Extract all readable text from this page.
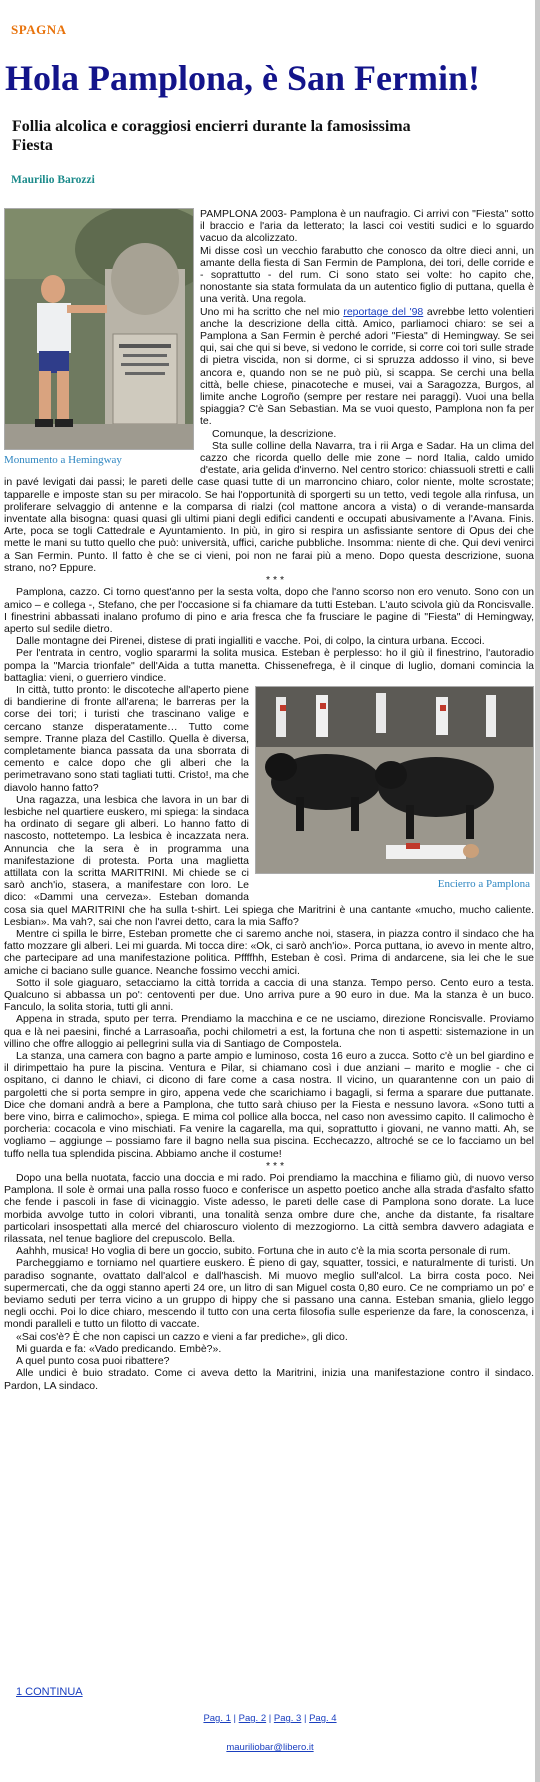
SPAGNA
Hola Pamplona, è San Fermin!
Follia alcolica e coraggiosi encierri durante la famosissima Fiesta
Maurilio Barozzi
Monumento a Hemingway

PAMPLONA 2003- Pamplona è un naufragio. Ci arrivi con "Fiesta" sotto il braccio e l'aria da letterato; la lasci coi vestiti sudici e lo sguardo vacuo da alcolizzato.

Mi disse così un vecchio farabutto che conosco da oltre dieci anni, un amante della fiesta di San Fermin de Pamplona, dei tori, delle corride e - soprattutto - del rum. Ci sono stato sei volte: ho capito che, nonostante sia stata formulata da un autentico figlio di puttana, quella è una verità. Una regola.

Uno mi ha scritto che nel mio reportage del '98 avrebbe letto volentieri anche la descrizione della città. Amico, parliamoci chiaro: se sei a Pamplona a San Fermin è perché adori "Fiesta" di Hemingway. Se sei qui, sai che qui si beve, si vedono le corride, si corre coi tori sulle strade di pietra viscida, non si dorme, ci si spruzza addosso il vino, si beve ancora e, quando non se ne può più, si scappa. Se cerchi una bella città, belle chiese, pinacoteche e musei, vai a Saragozza, Burgos, al limite anche Logroño (sempre per restare nei paraggi). Vuoi una bella spiaggia? C'è San Sebastian. Ma se vuoi questo, Pamplona non fa per te.

Comunque, la descrizione.

Sta sulle colline della Navarra, tra i rii Arga e Sadar. Ha un clima del cazzo che ricorda quello delle mie zone – nord Italia, caldo umido d'estate, aria gelida d'inverno. Nel centro storico: chiassuoli stretti e calli in pavé levigati dai passi; le pareti delle case quasi tutte di un marroncino chiaro, color niente, molte scrostate; tapparelle e imposte stan su per miracolo. Se hai l'opportunità di sporgerti su un tetto, vedi tegole alla rinfusa, un proliferare selvaggio di antenne e la comparsa di rialzi (col mattone ancora a vista) o di verande-mansarda inventate alla bisogna: quasi quasi gli ultimi piani degli edifici candenti e occupati abusivamente a l'Avana. Finis. Arte, poca se togli Cattedrale e Ayuntamiento. In più, in giro si respira un asfissiante sentore di Opus dei che mette le mani su tutto quello che può: università, uffici, cariche pubbliche. Insomma: niente di che. Qui devi venirci a San Fermin. Punto. Il fatto è che se ci vieni, poi non ne farai più a meno. Dopo questa descrizione, suona strano, no? Eppure.

* * *

Pamplona, cazzo. Ci torno quest'anno per la sesta volta, dopo che l'anno scorso non ero venuto. Sono con un amico – e collega -, Stefano, che per l'occasione si fa chiamare da tutti Esteban. L'auto scivola giù da Roncisvalle. I finestrini abbassati inalano profumo di pino e aria fresca che fa frusciare le pagine di "Fiesta" di Hemingway, aperto sul sedile dietro.

Dalle montagne dei Pirenei, distese di prati ingialliti e vacche. Poi, di colpo, la cintura urbana. Eccoci.

Per l'entrata in centro, voglio spararmi la solita musica. Esteban è perplesso: ho il giù il finestrino, l'autoradio pompa la "Marcia trionfale" dell'Aida a tutta manetta. Chissenefrega, è il cinque di luglio, domani comincia la battaglia: vieni, o guerriero vindice.

Encierro a Pamplona

In città, tutto pronto: le discoteche all'aperto piene di bandierine di fronte all'arena; le barreras per la corse dei tori; i turisti che trascinano valige e cercano stanze disperatamente… Tutto come sempre. Tranne plaza del Castillo. Quella è diversa, completamente bianca passata da una sborrata di cemento e calce dopo che gli alberi che la perimetravano sono stati tagliati tutti. Cristo!, ma che diavolo hanno fatto?

Una ragazza, una lesbica che lavora in un bar di lesbiche nel quartiere euskero, mi spiega: la sindaca ha ordinato di segare gli alberi. Lo hanno fatto di nascosto, nottetempo. La lesbica è incazzata nera. Annuncia che la sera è in programma una manifestazione di protesta. Porta una maglietta attillata con la scritta MARITRINI. Mi chiede se ci sarò anch'io, stasera, a manifestare con loro. Le dico: «Dammi una cerveza». Esteban domanda cosa sia quel MARITRINI che ha sulla t-shirt. Lei spiega che Maritrini è una cantante «mucho, mucho caliente. Lesbian». Ma vah?, sai che non l'avrei detto, cara la mia Saffo?

Mentre ci spilla le birre, Esteban promette che ci saremo anche noi, stasera, in piazza contro il sindaco che ha fatto mozzare gli alberi. Lei mi guarda. Mi tocca dire: «Ok, ci sarò anch'io». Porca puttana, io avevo in mente altro, che partecipare ad una manifestazione politica. Pffffhh, Esteban è così. Prima di andarcene, sia lei che le sue amiche ci baciano sulle guance. Neanche fossimo vecchi amici.

Sotto il sole giaguaro, setacciamo la città torrida a caccia di una stanza. Tempo perso. Cento euro a testa. Qualcuno si abbassa un po': centoventi per due. Uno arriva pure a 90 euro in due. Ma la stanza è un buco. Fanculo, la solita storia, tutti gli anni.

Appena in strada, sputo per terra. Prendiamo la macchina e ce ne usciamo, direzione Roncisvalle. Proviamo qua e là nei paesini, finché a Larrasoaña, pochi chilometri a est, la fortuna che non ti aspetti: sistemazione in un villino che offre alloggio ai pellegrini sulla via di Santiago de Compostela.

La stanza, una camera con bagno a parte ampio e luminoso, costa 16 euro a zucca. Sotto c'è un bel giardino e il dirimpettaio ha pure la piscina. Ventura e Pilar, si chiamano così i due anziani – marito e moglie - che ci ospitano, ci danno le chiavi, ci dicono di fare come a casa nostra. Il vicino, un quarantenne con un paio di pargoletti che si porta sempre in giro, appena vede che scarichiamo i bagagli, si ferma a sparare due puttanate. Dice che domani andrà a bere a Pamplona, che tutto sarà chiuso per la Fiesta e nessuno lavora. «Sono tutti a bere vino, birra e calimocho», spiega. E mima col pollice alla bocca, nel caso non avessimo capito. Il calimocho è porcheria: cocacola e vino mischiati. Fa venire la cagarella, ma qui, soprattutto i giovani, ne vanno matti. Ah, se vogliamo – aggiunge – possiamo fare il bagno nella sua piscina. Ecchecazzo, altroché se ce lo facciamo un bel tuffo nella tua splendida piscina. Abbiamo anche il costume!

* * *

Dopo una bella nuotata, faccio una doccia e mi rado. Poi prendiamo la macchina e filiamo giù, di nuovo verso Pamplona. Il sole è ormai una palla rosso fuoco e conferisce un aspetto poetico anche alla strada d'asfalto sfatto che fende i pascoli in fase di vicinaggio. Viste adesso, le pareti delle case di Pamplona sono dorate. La luce morbida avvolge tutto in colori vibranti, una tonalità senza ombre dure che, anche da distante, fa risaltare particolari insospettati alla mercé del chiaroscuro violento di mezzogiorno. La città sembra davvero adagiata e rilassata, nel tenue bagliore del crepuscolo. Bella.

Aahhh, musica! Ho voglia di bere un goccio, subito. Fortuna che in auto c'è la mia scorta personale di rum.

Parcheggiamo e torniamo nel quartiere euskero. È pieno di gay, squatter, tossici, e naturalmente di turisti. Un paradiso sognante, ovattato dall'alcol e dall'hascish. Mi muovo meglio sull'alcol. La birra costa poco. Nei supermercati, che da oggi stanno aperti 24 ore, un litro di san Miguel costa 0,80 euro. Ce ne compriamo un po' e beviamo seduti per terra vicino a un gruppo di hippy che si passano una canna. Esteban smania, glielo leggo negli occhi. Poi lo dice chiaro, mescendo il tutto con una certa filosofia sulle esperienze da fare, la conoscenza, i mondi paralleli e tutto un filotto di vaccate.

«Sai cos'è? È che non capisci un cazzo e vieni a far prediche», gli dico.

Mi guarda e fa: «Vado predicando. Embè?».

A quel punto cosa puoi ribattere?

Alle undici è buio stradato. Come ci aveva detto la Maritrini, inizia una manifestazione contro il sindaco. Pardon, LA sindaco.

1 CONTINUA
Pag. 1 | Pag. 2 | Pag. 3 | Pag. 4
mauriliobar@libero.it
